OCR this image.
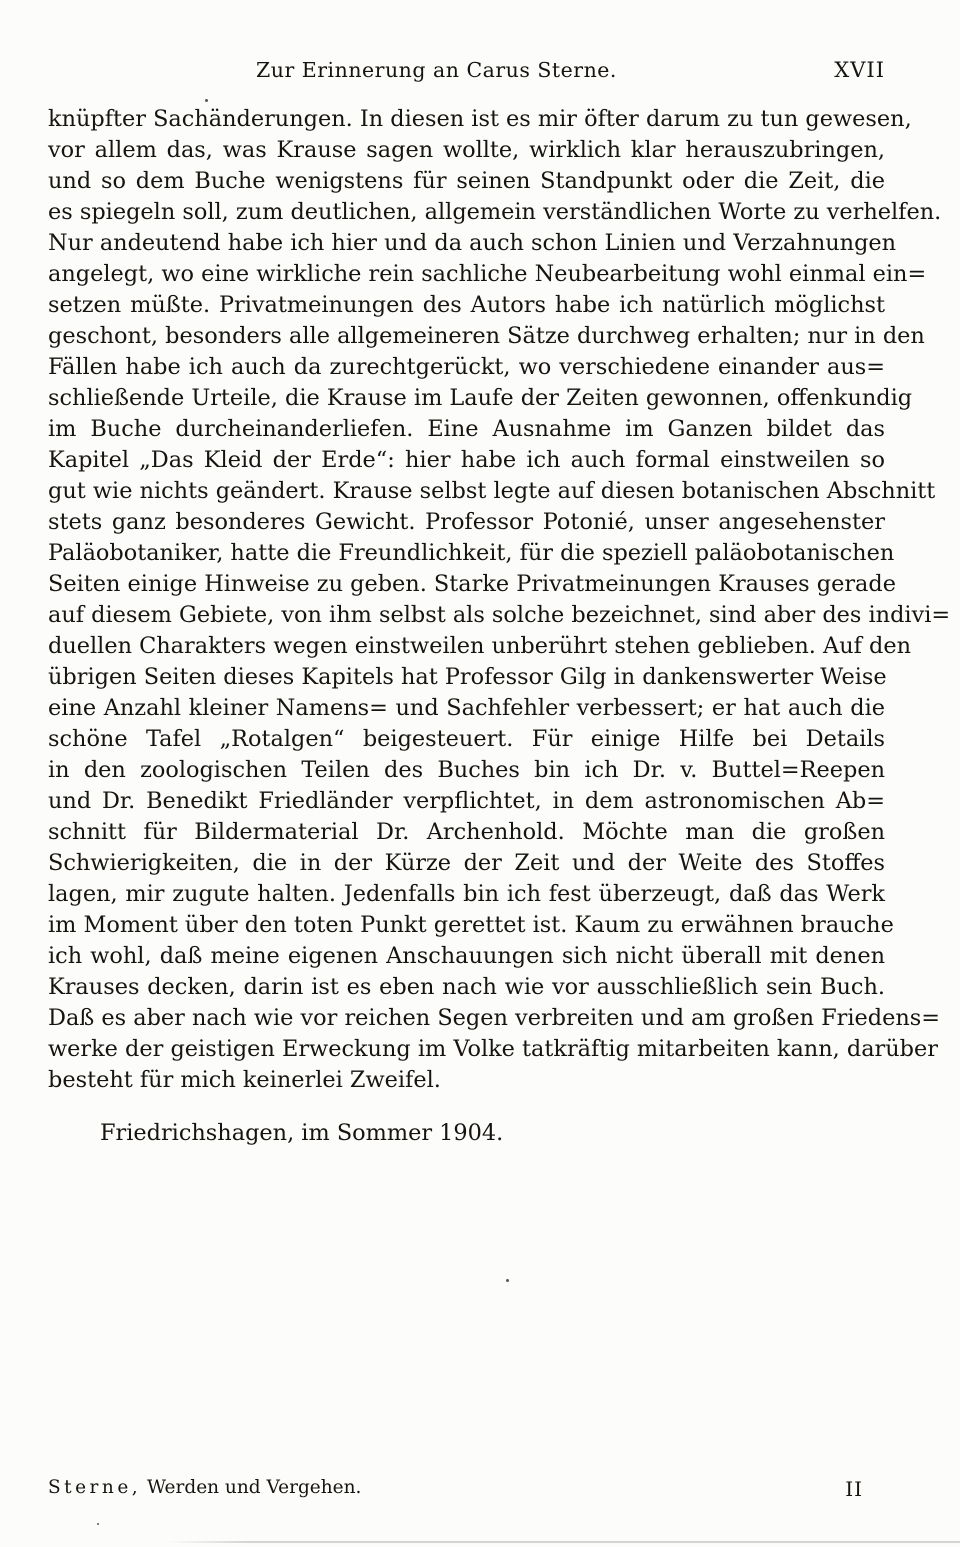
Zur Erinnerung an Carus Sterne.	XVII
knüpfter Sachänderungen. In diesen ist es mir öfter darum zu tun gewesen,
vor allem das, was Krause sagen wollte, wirklich klar herauszubringen,
und so dem Buche wenigstens für seinen Standpunkt oder die Zeit, die
es spiegeln soll, zum deutlichen, allgemein verständlichen Worte zu verhelfen.
Nur andeutend habe ich hier und da auch schon Linien und Verzahnungen
angelegt, wo eine wirkliche rein sachliche Neubearbeitung wohl einmal ein=
setzen müßte. Privatmeinungen des Autors habe ich natürlich möglichst
geschont, besonders alle allgemeineren Sätze durchweg erhalten; nur in den
Fällen habe ich auch da zurechtgerückt, wo verschiedene einander aus=
schließende Urteile, die Krause im Laufe der Zeiten gewonnen, offenkundig
im Buche durcheinanderliefen. Eine Ausnahme im Ganzen bildet das
Kapitel „Das Kleid der Erde“: hier habe ich auch formal einstweilen so
gut wie nichts geändert. Krause selbst legte auf diesen botanischen Abschnitt
stets ganz besonderes Gewicht. Professor Potonié, unser angesehenster
Paläobotaniker, hatte die Freundlichkeit, für die speziell paläobotanischen
Seiten einige Hinweise zu geben. Starke Privatmeinungen Krauses gerade
auf diesem Gebiete, von ihm selbst als solche bezeichnet, sind aber des indivi=
duellen Charakters wegen einstweilen unberührt stehen geblieben. Auf den
übrigen Seiten dieses Kapitels hat Professor Gilg in dankenswerter Weise
eine Anzahl kleiner Namens= und Sachfehler verbessert; er hat auch die
schöne Tafel „Rotalgen“ beigesteuert. Für einige Hilfe bei Details
in den zoologischen Teilen des Buches bin ich Dr. v. Buttel=Reepen
und Dr. Benedikt Friedländer verpflichtet, in dem astronomischen Ab=
schnitt für Bildermaterial Dr. Archenhold. Möchte man die großen
Schwierigkeiten, die in der Kürze der Zeit und der Weite des Stoffes
lagen, mir zugute halten. Jedenfalls bin ich fest überzeugt, daß das Werk
im Moment über den toten Punkt gerettet ist. Kaum zu erwähnen brauche
ich wohl, daß meine eigenen Anschauungen sich nicht überall mit denen
Krauses decken, darin ist es eben nach wie vor ausschließlich sein Buch.
Daß es aber nach wie vor reichen Segen verbreiten und am großen Friedens=
werke der geistigen Erweckung im Volke tatkräftig mitarbeiten kann, darüber
besteht für mich keinerlei Zweifel.
Friedrichshagen, im Sommer 1904.
Sterne, Werden und Vergehen.	II
